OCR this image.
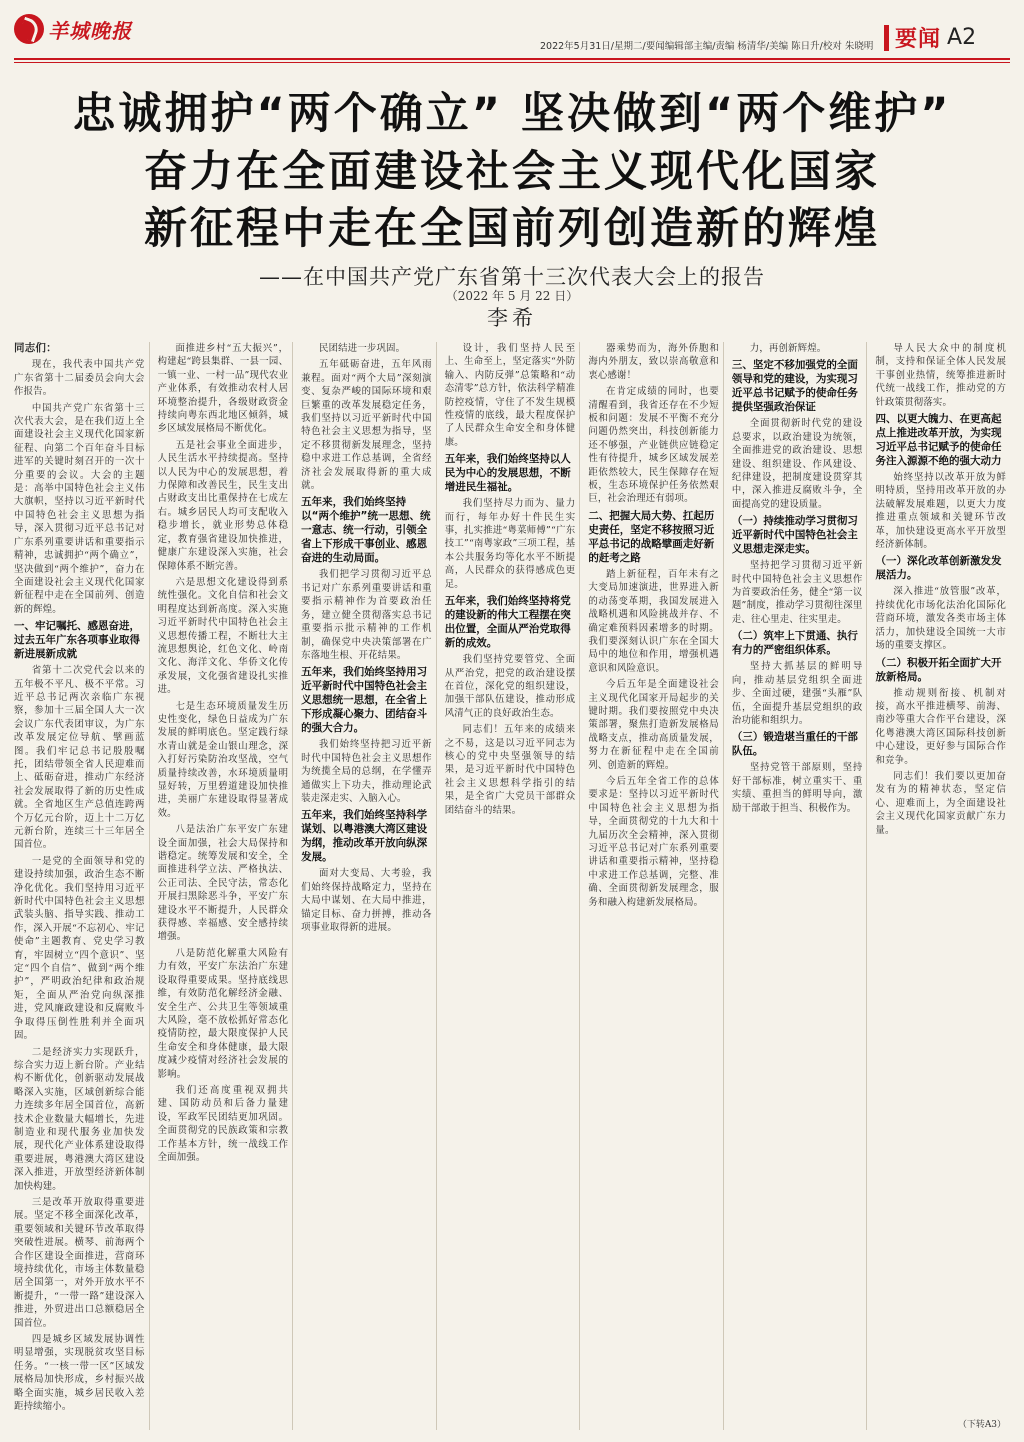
羊城晚报
2022年5月31日/星期二/要闻编辑部主编/责编 杨清华/美编 陈日升/校对 朱晓明 要闻 A2
忠诚拥护“两个确立” 坚决做到“两个维护”
奋力在全面建设社会主义现代化国家
新征程中走在全国前列创造新的辉煌
——在中国共产党广东省第十三次代表大会上的报告
（2022 年 5 月 22 日）
李希

同志们：

现在，我代表中国共产党广东省第十二届委员会向大会作报告。

中国共产党广东省第十三次代表大会，是在我们迈上全面建设社会主义现代化国家新征程、向第二个百年奋斗目标进军的关键时刻召开的一次十分重要的会议。大会的主题是：高举中国特色社会主义伟大旗帜，坚持以习近平新时代中国特色社会主义思想为指导，深入贯彻习近平总书记对广东系列重要讲话和重要指示精神，忠诚拥护“两个确立”，坚决做到“两个维护”，奋力在全面建设社会主义现代化国家新征程中走在全国前列、创造新的辉煌。

一、牢记嘱托、感恩奋进，过去五年广东各项事业取得新进展新成就

省第十二次党代会以来的五年极不平凡、极不平常。习近平总书记两次亲临广东视察，参加十三届全国人大一次会议广东代表团审议，为广东改革发展定位导航、擘画蓝图。我们牢记总书记殷殷嘱托，团结带领全省人民迎难而上、砥砺奋进，推动广东经济社会发展取得了新的历史性成就。全省地区生产总值连跨两个万亿元台阶，迈上十二万亿元新台阶，连续三十三年居全国首位。

一是党的全面领导和党的建设持续加强，政治生态不断净化优化。我们坚持用习近平新时代中国特色社会主义思想武装头脑、指导实践、推动工作，深入开展“不忘初心、牢记使命”主题教育、党史学习教育，牢固树立“四个意识”、坚定“四个自信”、做到“两个维护”，严明政治纪律和政治规矩，全面从严治党向纵深推进，党风廉政建设和反腐败斗争取得压倒性胜利并全面巩固。

二是经济实力实现跃升，综合实力迈上新台阶。产业结构不断优化，创新驱动发展战略深入实施，区域创新综合能力连续多年居全国首位，高新技术企业数量大幅增长，先进制造业和现代服务业加快发展，现代化产业体系建设取得重要进展，粤港澳大湾区建设深入推进，开放型经济新体制加快构建。

三是改革开放取得重要进展。坚定不移全面深化改革，重要领域和关键环节改革取得突破性进展。横琴、前海两个合作区建设全面推进，营商环境持续优化，市场主体数量稳居全国第一，对外开放水平不断提升，“一带一路”建设深入推进，外贸进出口总额稳居全国首位。

四是城乡区域发展协调性明显增强，实现脱贫攻坚目标任务。“一核一带一区”区域发展格局加快形成，乡村振兴战略全面实施，城乡居民收入差距持续缩小。

面推进乡村“五大振兴”，构建起“跨县集群、一县一园、一镇一业、一村一品”现代农业产业体系，有效推动农村人居环境整治提升，各级财政资金持续向粤东西北地区倾斜，城乡区域发展格局不断优化。

五是社会事业全面进步，人民生活水平持续提高。坚持以人民为中心的发展思想，着力保障和改善民生，民生支出占财政支出比重保持在七成左右。城乡居民人均可支配收入稳步增长，就业形势总体稳定，教育强省建设加快推进，健康广东建设深入实施，社会保障体系不断完善。

六是思想文化建设得到系统性强化。文化自信和社会文明程度达到新高度。深入实施习近平新时代中国特色社会主义思想传播工程，不断壮大主流思想舆论，红色文化、岭南文化、海洋文化、华侨文化传承发展，文化强省建设扎实推进。

七是生态环境质量发生历史性变化，绿色日益成为广东发展的鲜明底色。坚定践行绿水青山就是金山银山理念，深入打好污染防治攻坚战，空气质量持续改善，水环境质量明显好转，万里碧道建设加快推进，美丽广东建设取得显著成效。

八是法治广东平安广东建设全面加强，社会大局保持和谐稳定。统筹发展和安全，全面推进科学立法、严格执法、公正司法、全民守法，常态化开展扫黑除恶斗争，平安广东建设水平不断提升，人民群众获得感、幸福感、安全感持续增强。

八是防范化解重大风险有力有效，平安广东法治广东建设取得重要成果。坚持底线思维，有效防范化解经济金融、安全生产、公共卫生等领域重大风险，毫不放松抓好常态化疫情防控，最大限度保护人民生命安全和身体健康，最大限度减少疫情对经济社会发展的影响。

我们还高度重视双拥共建、国防动员和后备力量建设，军政军民团结更加巩固。全面贯彻党的民族政策和宗教工作基本方针，统一战线工作全面加强。

民团结进一步巩固。

五年砥砺奋进，五年风雨兼程。面对“两个大局”深刻演变、复杂严峻的国际环境和艰巨繁重的改革发展稳定任务，我们坚持以习近平新时代中国特色社会主义思想为指导，坚定不移贯彻新发展理念，坚持稳中求进工作总基调，全省经济社会发展取得新的重大成就。

五年来，我们始终坚持以“两个维护”统一思想、统一意志、统一行动，引领全省上下形成干事创业、感恩奋进的生动局面。

我们把学习贯彻习近平总书记对广东系列重要讲话和重要指示精神作为首要政治任务，建立健全贯彻落实总书记重要指示批示精神的工作机制，确保党中央决策部署在广东落地生根、开花结果。

五年来，我们始终坚持用习近平新时代中国特色社会主义思想统一思想，在全省上下形成凝心聚力、团结奋斗的强大合力。

我们始终坚持把习近平新时代中国特色社会主义思想作为统揽全局的总纲，在学懂弄通做实上下功夫，推动理论武装走深走实、入脑入心。

五年来，我们始终坚持科学谋划、以粤港澳大湾区建设为纲，推动改革开放向纵深发展。

面对大变局、大考验，我们始终保持战略定力，坚持在大局中谋划、在大局中推进，锚定目标、奋力拼搏，推动各项事业取得新的进展。

设计，我们坚持人民至上、生命至上，坚定落实“外防输入、内防反弹”总策略和“动态清零”总方针，依法科学精准防控疫情，守住了不发生规模性疫情的底线，最大程度保护了人民群众生命安全和身体健康。

五年来，我们始终坚持以人民为中心的发展思想，不断增进民生福祉。

我们坚持尽力而为、量力而行，每年办好十件民生实事，扎实推进“粤菜师傅”“广东技工”“南粤家政”三项工程，基本公共服务均等化水平不断提高，人民群众的获得感成色更足。

五年来，我们始终坚持将党的建设新的伟大工程摆在突出位置，全面从严治党取得新的成效。

我们坚持党要管党、全面从严治党，把党的政治建设摆在首位，深化党的组织建设，加强干部队伍建设，推动形成风清气正的良好政治生态。

同志们！五年来的成绩来之不易，这是以习近平同志为核心的党中央坚强领导的结果，是习近平新时代中国特色社会主义思想科学指引的结果，是全省广大党员干部群众团结奋斗的结果。

器乘势而为，海外侨胞和海内外朋友，致以崇高敬意和衷心感谢！

在肯定成绩的同时，也要清醒看到，我省还存在不少短板和问题：发展不平衡不充分问题仍然突出，科技创新能力还不够强，产业链供应链稳定性有待提升，城乡区域发展差距依然较大，民生保障存在短板，生态环境保护任务依然艰巨，社会治理还有弱项。

二、把握大局大势、扛起历史责任，坚定不移按照习近平总书记的战略擘画走好新的赶考之路

踏上新征程，百年未有之大变局加速演进，世界进入新的动荡变革期，我国发展进入战略机遇和风险挑战并存、不确定难预料因素增多的时期。我们要深刻认识广东在全国大局中的地位和作用，增强机遇意识和风险意识。

今后五年是全面建设社会主义现代化国家开局起步的关键时期。我们要按照党中央决策部署，聚焦打造新发展格局战略支点，推动高质量发展，努力在新征程中走在全国前列、创造新的辉煌。

今后五年全省工作的总体要求是：坚持以习近平新时代中国特色社会主义思想为指导，全面贯彻党的十九大和十九届历次全会精神，深入贯彻习近平总书记对广东系列重要讲话和重要指示精神，坚持稳中求进工作总基调，完整、准确、全面贯彻新发展理念，服务和融入构建新发展格局。

力，再创新辉煌。

三、坚定不移加强党的全面领导和党的建设，为实现习近平总书记赋予的使命任务提供坚强政治保证

全面贯彻新时代党的建设总要求，以政治建设为统领，全面推进党的政治建设、思想建设、组织建设、作风建设、纪律建设，把制度建设贯穿其中，深入推进反腐败斗争，全面提高党的建设质量。

（一）持续推动学习贯彻习近平新时代中国特色社会主义思想走深走实。

坚持把学习贯彻习近平新时代中国特色社会主义思想作为首要政治任务，健全“第一议题”制度，推动学习贯彻往深里走、往心里走、往实里走。

（二）筑牢上下贯通、执行有力的严密组织体系。

坚持大抓基层的鲜明导向，推动基层党组织全面进步、全面过硬，建强“头雁”队伍，全面提升基层党组织的政治功能和组织力。

（三）锻造堪当重任的干部队伍。

坚持党管干部原则，坚持好干部标准，树立重实干、重实绩、重担当的鲜明导向，激励干部敢于担当、积极作为。

导人民大众中的制度机制，支持和保证全体人民发展干事创业热情，统筹推进新时代统一战线工作，推动党的方针政策贯彻落实。

四、以更大魄力、在更高起点上推进改革开放，为实现习近平总书记赋予的使命任务注入源源不绝的强大动力

始终坚持以改革开放为鲜明特质，坚持用改革开放的办法破解发展难题，以更大力度推进重点领域和关键环节改革，加快建设更高水平开放型经济新体制。

（一）深化改革创新激发发展活力。

深入推进“放管服”改革，持续优化市场化法治化国际化营商环境，激发各类市场主体活力，加快建设全国统一大市场的重要支撑区。

（二）积极开拓全面扩大开放新格局。

推动规则衔接、机制对接，高水平推进横琴、前海、南沙等重大合作平台建设，深化粤港澳大湾区国际科技创新中心建设，更好参与国际合作和竞争。

同志们！我们要以更加奋发有为的精神状态，坚定信心、迎难而上，为全面建设社会主义现代化国家贡献广东力量。

（下转A3）
